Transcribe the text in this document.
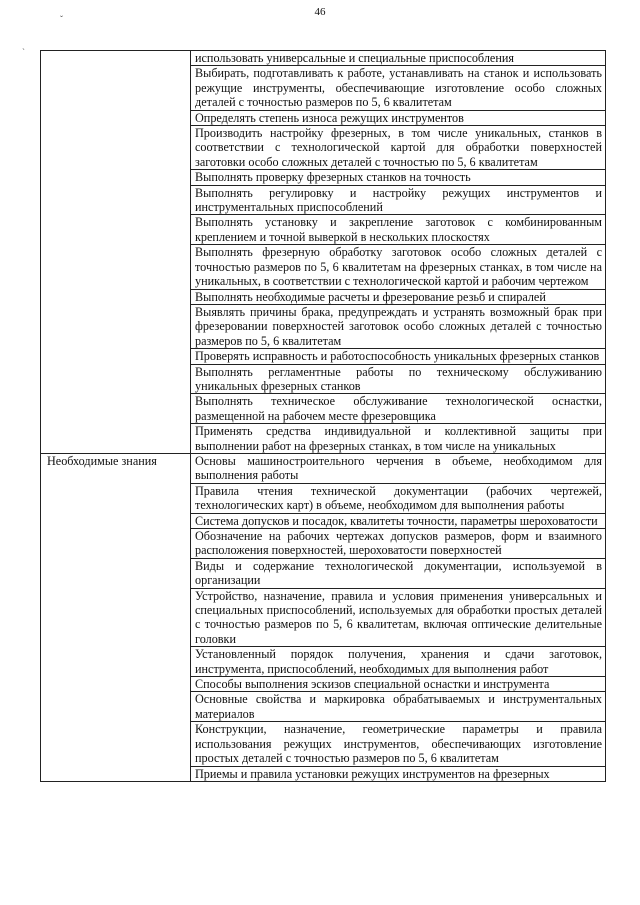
46
ˇ
ˏ
	использовать универсальные и специальные приспособления
	Выбирать, подготавливать к работе, устанавливать на станок и использовать режущие инструменты, обеспечивающие изготовление особо сложных деталей с точностью размеров по 5, 6 квалитетам
	Определять степень износа режущих инструментов
	Производить настройку фрезерных, в том числе уникальных, станков в соответствии с технологической картой для обработки поверхностей заготовки особо сложных деталей с точностью по 5, 6 квалитетам
	Выполнять проверку фрезерных станков на точность
	Выполнять регулировку и настройку режущих инструментов и инструментальных приспособлений
	Выполнять установку и закрепление заготовок с комбинированным креплением и точной выверкой в нескольких плоскостях
	Выполнять фрезерную обработку заготовок особо сложных деталей с точностью размеров по 5, 6 квалитетам на фрезерных станках, в том числе на уникальных, в соответствии с технологической картой и рабочим чертежом
	Выполнять необходимые расчеты и фрезерование резьб и спиралей
	Выявлять причины брака, предупреждать и устранять возможный брак при фрезеровании поверхностей заготовок особо сложных деталей с точностью размеров по 5, 6 квалитетам
	Проверять исправность и работоспособность уникальных фрезерных станков
	Выполнять регламентные работы по техническому обслуживанию уникальных фрезерных станков
	Выполнять техническое обслуживание технологической оснастки, размещенной на рабочем месте фрезеровщика
	Применять средства индивидуальной и коллективной защиты при выполнении работ на фрезерных станках, в том числе на уникальных
Необходимые знания	Основы машиностроительного черчения в объеме, необходимом для выполнения работы
	Правила чтения технической документации (рабочих чертежей, технологических карт) в объеме, необходимом для выполнения работы
	Система допусков и посадок, квалитеты точности, параметры шероховатости
	Обозначение на рабочих чертежах допусков размеров, форм и взаимного расположения поверхностей, шероховатости поверхностей
	Виды и содержание технологической документации, используемой в организации
	Устройство, назначение, правила и условия применения универсальных и специальных приспособлений, используемых для обработки простых деталей с точностью размеров по 5, 6 квалитетам, включая оптические делительные головки
	Установленный порядок получения, хранения и сдачи заготовок, инструмента, приспособлений, необходимых для выполнения работ
	Способы выполнения эскизов специальной оснастки и инструмента
	Основные свойства и маркировка обрабатываемых и инструментальных материалов
	Конструкции, назначение, геометрические параметры и правила использования режущих инструментов, обеспечивающих изготовление простых деталей с точностью размеров по 5, 6 квалитетам
	Приемы и правила установки режущих инструментов на фрезерных
